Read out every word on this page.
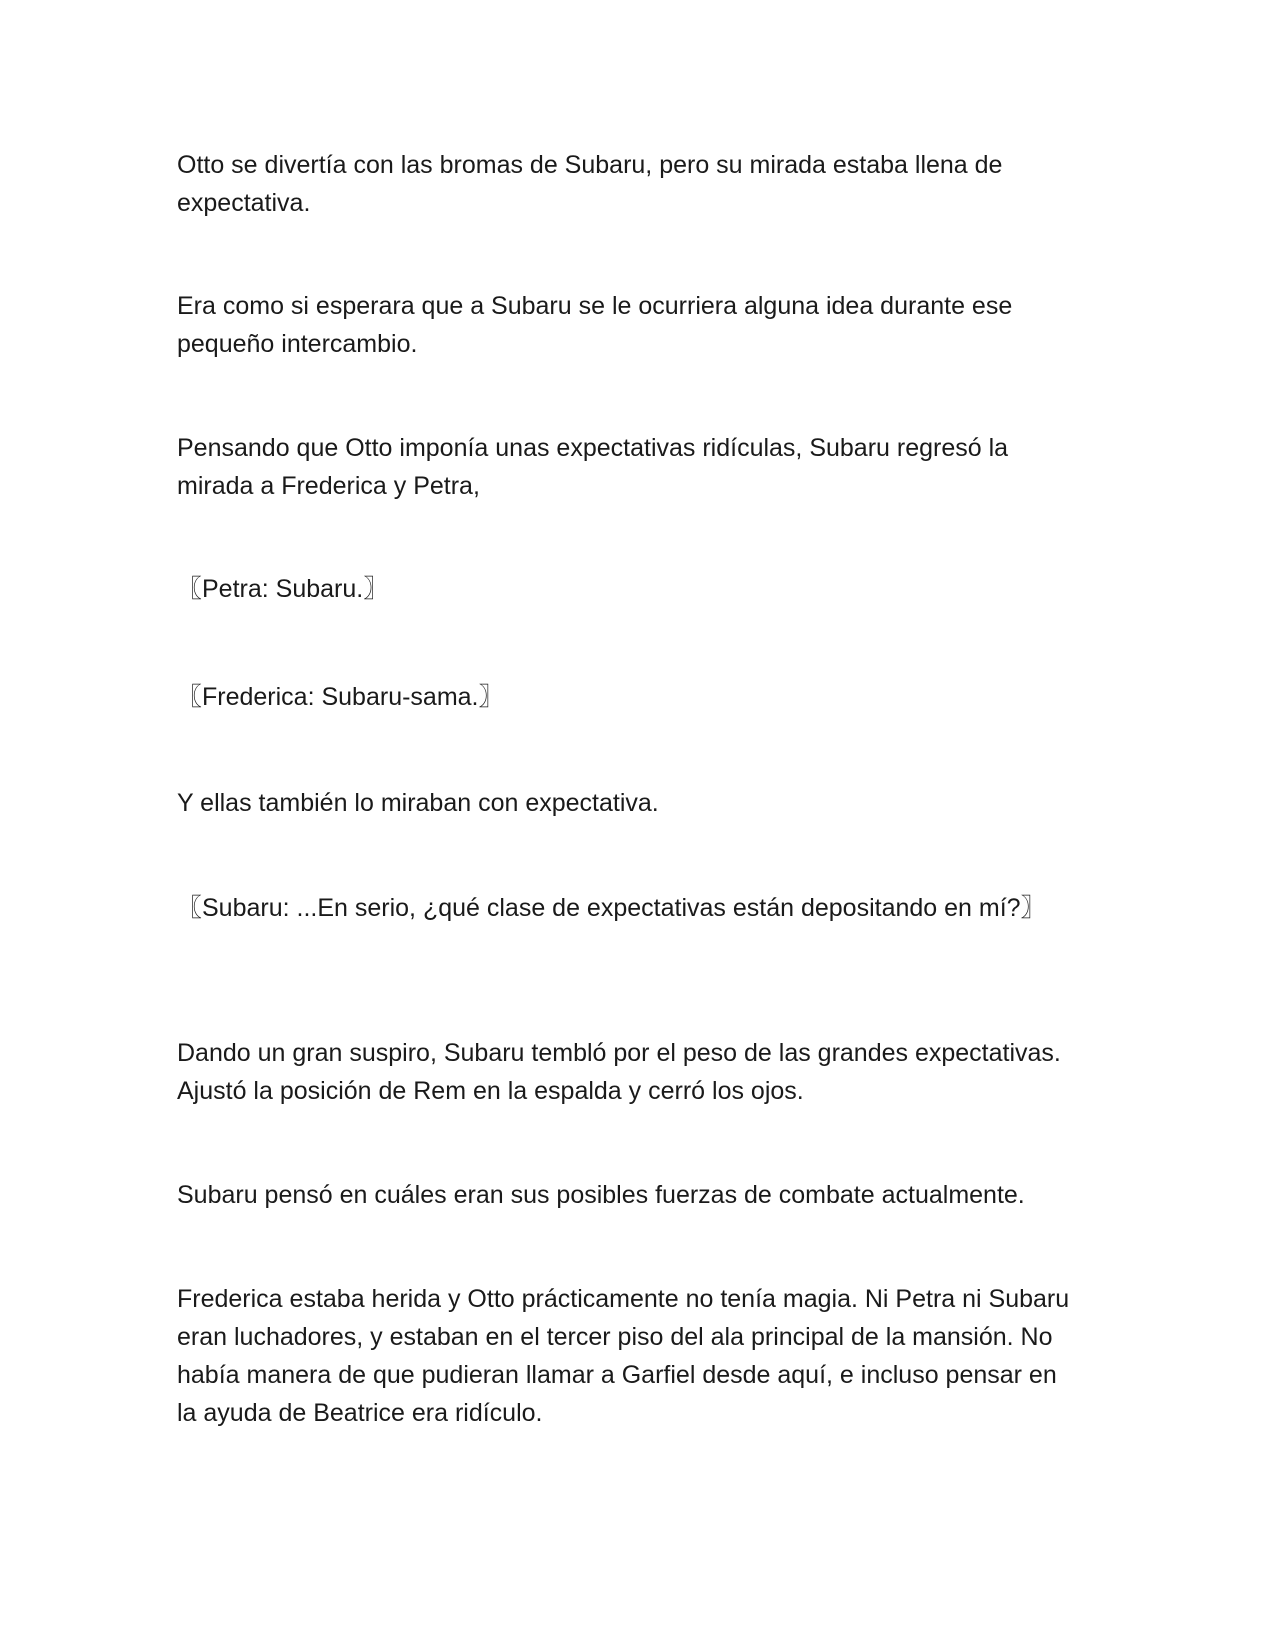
Otto se divertía con las bromas de Subaru, pero su mirada estaba llena de expectativa.

Era como si esperara que a Subaru se le ocurriera alguna idea durante ese pequeño intercambio.

Pensando que Otto imponía unas expectativas ridículas, Subaru regresó la mirada a Frederica y Petra,

〖Petra: Subaru.〗

〖Frederica: Subaru-sama.〗

Y ellas también lo miraban con expectativa.

〖Subaru: ...En serio, ¿qué clase de expectativas están depositando en mí?〗

Dando un gran suspiro, Subaru tembló por el peso de las grandes expectativas. Ajustó la posición de Rem en la espalda y cerró los ojos.

Subaru pensó en cuáles eran sus posibles fuerzas de combate actualmente.

Frederica estaba herida y Otto prácticamente no tenía magia. Ni Petra ni Subaru eran luchadores, y estaban en el tercer piso del ala principal de la mansión. No había manera de que pudieran llamar a Garfiel desde aquí, e incluso pensar en la ayuda de Beatrice era ridículo.
